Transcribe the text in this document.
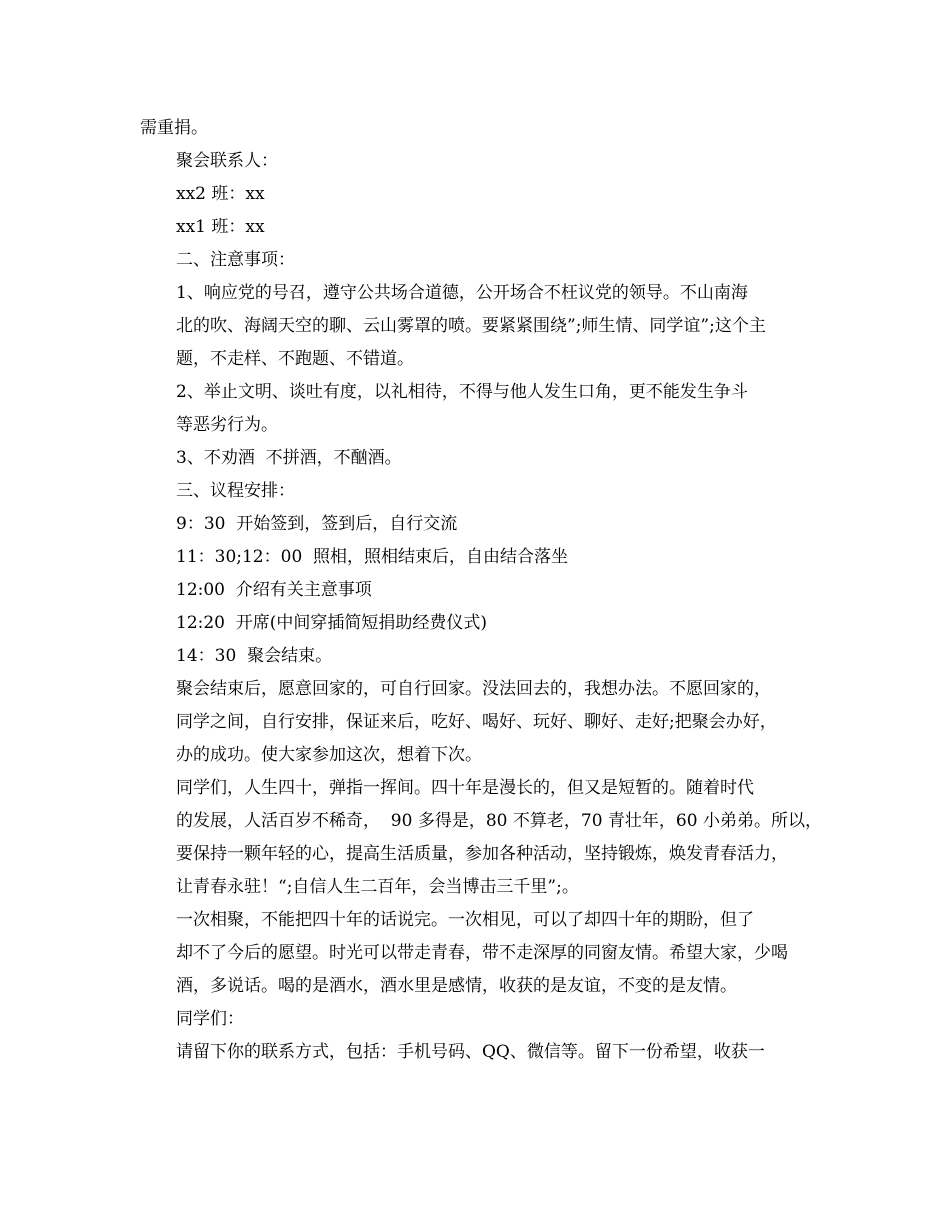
需重捐。

聚会联系人：

xx2 班：xx

xx1 班：xx

二、注意事项：

1、响应党的号召，遵守公共场合道德，公开场合不枉议党的领导。不山南海
北的吹、海阔天空的聊、云山雾罩的喷。要紧紧围绕”;师生情、同学谊”;这个主
题，不走样、不跑题、不错道。

2、举止文明、谈吐有度，以礼相待，不得与他人发生口角，更不能发生争斗
等恶劣行为。

3、不劝酒  不拼酒，不酗酒。

三、议程安排：

9：30  开始签到，签到后，自行交流

11：30;12：00  照相，照相结束后，自由结合落坐

12:00  介绍有关主意事项

12:20  开席(中间穿插简短捐助经费仪式)

14：30  聚会结束。

聚会结束后，愿意回家的，可自行回家。没法回去的，我想办法。不愿回家的，
同学之间，自行安排，保证来后，吃好、喝好、玩好、聊好、走好;把聚会办好，
办的成功。使大家参加这次，想着下次。

同学们，人生四十，弹指一挥间。四十年是漫长的，但又是短暂的。随着时代
的发展，人活百岁不稀奇，  90 多得是，80 不算老，70 青壮年，60 小弟弟。所以，
要保持一颗年轻的心，提高生活质量，参加各种活动，坚持锻炼，焕发青春活力，
让青春永驻！“;自信人生二百年，会当博击三千里”;。

一次相聚，不能把四十年的话说完。一次相见，可以了却四十年的期盼，但了
却不了今后的愿望。时光可以带走青春，带不走深厚的同窗友情。希望大家，少喝
酒，多说话。喝的是酒水，酒水里是感情，收获的是友谊，不变的是友情。

同学们：

请留下你的联系方式，包括：手机号码、QQ、微信等。留下一份希望，收获一
